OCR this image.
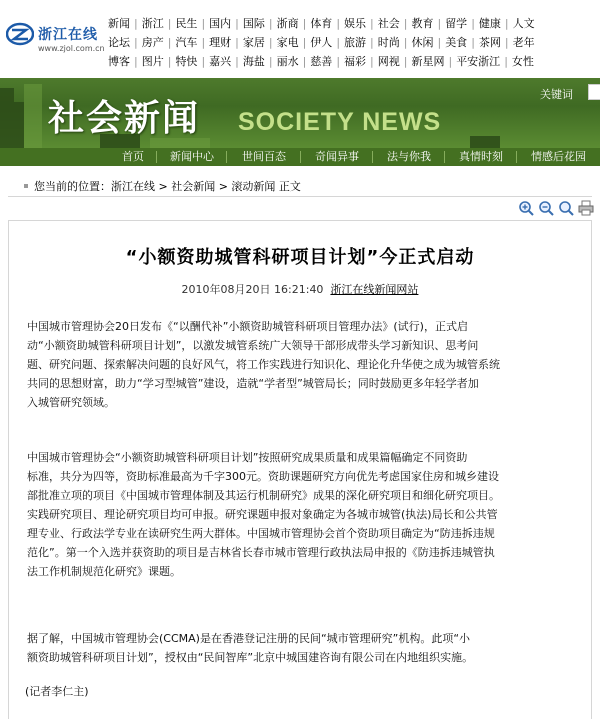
浙江在线
www.zjol.com.cn
新闻 | 浙江 | 民生 | 国内 | 国际 | 浙商 | 体育 | 娱乐 | 社会 | 教育 | 留学 | 健康 | 人文
论坛 | 房产 | 汽车 | 理财 | 家居 | 家电 | 伊人 | 旅游 | 时尚 | 休闲 | 美食 | 茶网 | 老年
博客 | 图片 | 特快 | 嘉兴 | 海盐 | 丽水 | 慈善 | 福彩 | 网视 | 新星网 | 平安浙江 | 女性
社会新闻 SOCIETY NEWS
关键词
首页 新闻中心	世间百态	奇闻异事	法与你我	真情时刻	情感后花园
您当前的位置：浙江在线 > 社会新闻 > 滚动新闻 正文
“小额资助城管科研项目计划”今正式启动
2010年08月20日 16:21:40 浙江在线新闻网站
中国城市管理协会20日发布《“以酬代补”小额资助城管科研项目管理办法》(试行)，正式启
动“小额资助城管科研项目计划”，以激发城管系统广大领导干部形成带头学习新知识、思考问
题、研究问题、探索解决问题的良好风气，将工作实践进行知识化、理论化升华使之成为城管系统
共同的思想财富，助力“学习型城管”建设，造就“学者型”城管局长；同时鼓励更多年轻学者加
入城管研究领域。
中国城市管理协会“小额资助城管科研项目计划”按照研究成果质量和成果篇幅确定不同资助
标准，共分为四等，资助标准最高为千字300元。资助课题研究方向优先考虑国家住房和城乡建设
部批准立项的项目《中国城市管理体制及其运行机制研究》成果的深化研究项目和细化研究项目。
实践研究项目、理论研究项目均可申报。研究课题申报对象确定为各城市城管(执法)局长和公共管
理专业、行政法学专业在读研究生两大群体。中国城市管理协会首个资助项目确定为“防违拆违规
范化”。第一个入选并获资助的项目是吉林省长春市城市管理行政执法局申报的《防违拆违城管执
法工作机制规范化研究》课题。
据了解，中国城市管理协会(CCMA)是在香港登记注册的民间“城市管理研究”机构。此项“小
额资助城管科研项目计划”，授权由“民间智库”北京中城国建咨询有限公司在内地组织实施。
(记者李仁主)
